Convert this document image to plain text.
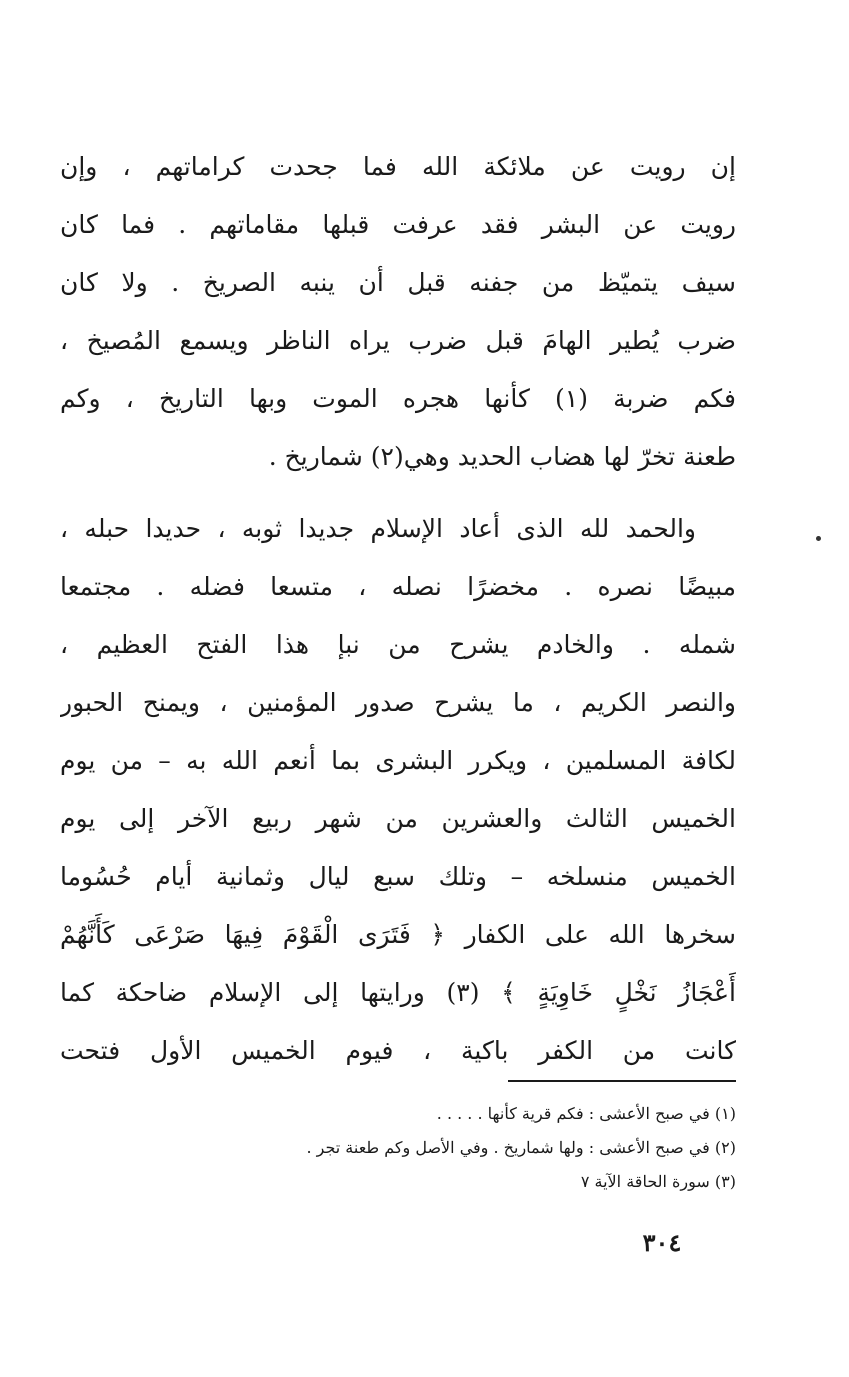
إن رويت عن ملائكة الله فما جحدت كراماتهم ، وإن
رويت عن البشر فقد عرفت قبلها مقاماتهم . فما كان
سيف يتميّظ من جفنه قبل أن ينبه الصريخ . ولا كان
ضرب يُطير الهامَ قبل ضرب يراه الناظر ويسمع المُصيخ ،
فكم ضربة (١) كأنها هجره الموت وبها التاريخ ، وكم
طعنة تخرّ لها هضاب الحديد وهي(٢) شماريخ .
والحمد لله الذى أعاد الإسلام جديدا ثوبه ، حديدا حبله ،
مبيضًا نصره . مخضرًا نصله ، متسعا فضله . مجتمعا
شمله . والخادم يشرح من نبإ هذا الفتح العظيم ،
والنصر الكريم ، ما يشرح صدور المؤمنين ، ويمنح الحبور
لكافة المسلمين ، ويكرر البشرى بما أنعم الله به – من يوم
الخميس الثالث والعشرين من شهر ربيع الآخر إلى يوم
الخميس منسلخه – وتلك سبع ليال وثمانية أيام حُسُوما
سخرها الله على الكفار ﴿ فَتَرَى الْقَوْمَ فِيهَا صَرْعَى كَأَنَّهُمْ
أَعْجَازُ نَخْلٍ خَاوِيَةٍ ﴾ (٣) ورايتها إلى الإسلام ضاحكة كما
كانت من الكفر باكية ، فيوم الخميس الأول فتحت
(١) في صبح الأعشى : فكم قرية كأنها . . . . .
(٢) في صبح الأعشى : ولها شماريخ . وفي الأصل وكم طعنة تجر .
(٣) سورة الحاقة الآية ٧
٣٠٤
